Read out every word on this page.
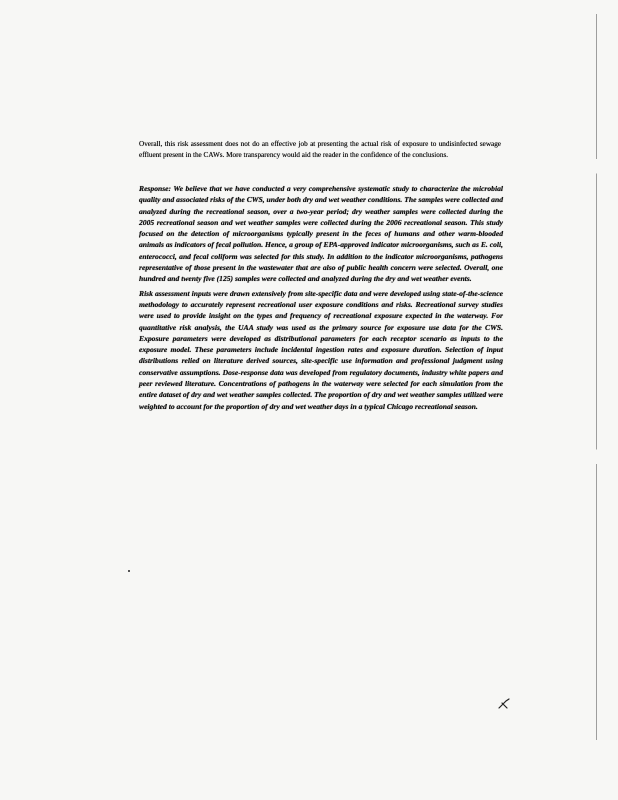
Overall, this risk assessment does not do an effective job at presenting the actual risk of exposure to undisinfected sewage effluent present in the CAWs. More transparency would aid the reader in the confidence of the conclusions.

Response: We believe that we have conducted a very comprehensive systematic study to characterize the microbial quality and associated risks of the CWS, under both dry and wet weather conditions. The samples were collected and analyzed during the recreational season, over a two-year period; dry weather samples were collected during the 2005 recreational season and wet weather samples were collected during the 2006 recreational season. This study focused on the detection of microorganisms typically present in the feces of humans and other warm-blooded animals as indicators of fecal pollution. Hence, a group of EPA-approved indicator microorganisms, such as E. coli, enterococci, and fecal coliform was selected for this study. In addition to the indicator microorganisms, pathogens representative of those present in the wastewater that are also of public health concern were selected. Overall, one hundred and twenty five (125) samples were collected and analyzed during the dry and wet weather events.

Risk assessment inputs were drawn extensively from site-specific data and were developed using state-of-the-science methodology to accurately represent recreational user exposure conditions and risks. Recreational survey studies were used to provide insight on the types and frequency of recreational exposure expected in the waterway. For quantitative risk analysis, the UAA study was used as the primary source for exposure use data for the CWS. Exposure parameters were developed as distributional parameters for each receptor scenario as inputs to the exposure model. These parameters include incidental ingestion rates and exposure duration. Selection of input distributions relied on literature derived sources, site-specific use information and professional judgment using conservative assumptions. Dose-response data was developed from regulatory documents, industry white papers and peer reviewed literature. Concentrations of pathogens in the waterway were selected for each simulation from the entire dataset of dry and wet weather samples collected. The proportion of dry and wet weather samples utilized were weighted to account for the proportion of dry and wet weather days in a typical Chicago recreational season.
